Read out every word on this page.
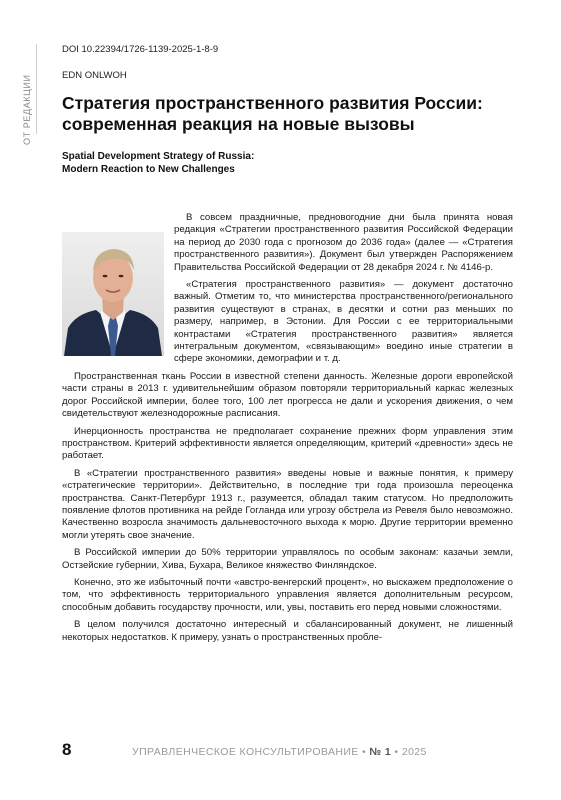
ОТ РЕДАКЦИИ
DOI 10.22394/1726-1139-2025-1-8-9
EDN ONLWOH
Стратегия пространственного развития России: современная реакция на новые вызовы
Spatial Development Strategy of Russia:
Modern Reaction to New Challenges

В совсем праздничные, предновогодние дни была принята новая редакция «Стратегии пространственного развития Российской Федерации на период до 2030 года с прогнозом до 2036 года» (далее — «Стратегия пространственного развития»). Документ был утвержден Распоряжением Правительства Российской Федерации от 28 декабря 2024 г. № 4146-р.

«Стратегия пространственного развития» — документ достаточно важный. Отметим то, что министерства пространственного/регионального развития существуют в странах, в десятки и сотни раз меньших по размеру, например, в Эстонии. Для России с ее территориальными контрастами «Стратегия пространственного развития» является интегральным документом, «связывающим» воедино иные стратегии в сфере экономики, демографии и т. д.

Пространственная ткань России в известной степени данность. Железные дороги европейской части страны в 2013 г. удивительнейшим образом повторяли территориальный каркас железных дорог Российской империи, более того, 100 лет прогресса не дали и ускорения движения, о чем свидетельствуют железнодорожные расписания.

Инерционность пространства не предполагает сохранение прежних форм управления этим пространством. Критерий эффективности является определяющим, критерий «древности» здесь не работает.

В «Стратегии пространственного развития» введены новые и важные понятия, к примеру «стратегические территории». Действительно, в последние три года произошла переоценка пространства. Санкт-Петербург 1913 г., разумеется, обладал таким статусом. Но предположить появление флотов противника на рейде Гогланда или угрозу обстрела из Ревеля было невозможно. Качественно возросла значимость дальневосточного выхода к морю. Другие территории временно могли утерять свое значение.

В Российской империи до 50% территории управлялось по особым законам: казачьи земли, Остзейские губернии, Хива, Бухара, Великое княжество Финляндское.

Конечно, это же избыточный почти «австро-венгерский процент», но выскажем предположение о том, что эффективность территориального управления является дополнительным ресурсом, способным добавить государству прочности, или, увы, поставить его перед новыми сложностями.

В целом получился достаточно интересный и сбалансированный документ, не лишенный некоторых недостатков. К примеру, узнать о пространственных пробле-

8	УПРАВЛЕНЧЕСКОЕ КОНСУЛЬТИРОВАНИЕ • № 1 • 2025
